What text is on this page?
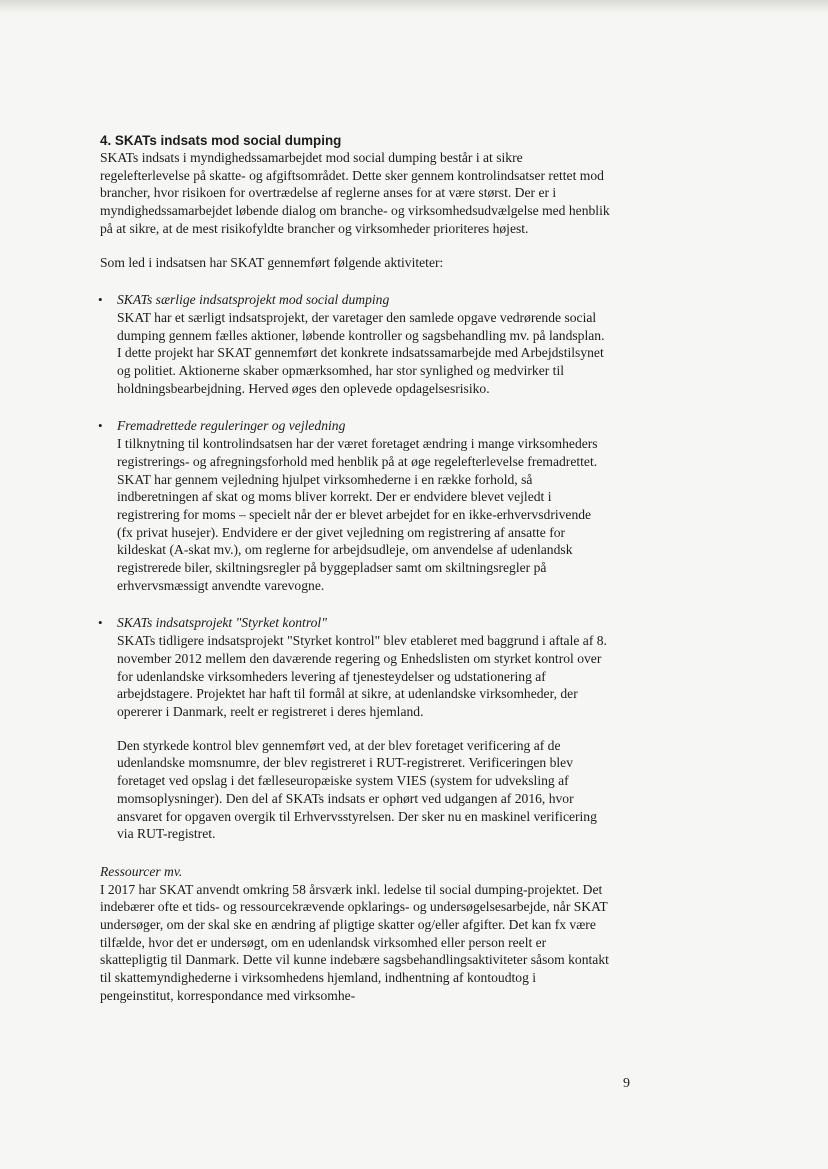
4. SKATs indsats mod social dumping

SKATs indsats i myndighedssamarbejdet mod social dumping består i at sikre regelefterlevelse på skatte- og afgiftsområdet. Dette sker gennem kontrolindsatser rettet mod brancher, hvor risikoen for overtrædelse af reglerne anses for at være størst. Der er i myndighedssamarbejdet løbende dialog om branche- og virksomhedsudvælgelse med henblik på at sikre, at de mest risikofyldte brancher og virksomheder prioriteres højest.

Som led i indsatsen har SKAT gennemført følgende aktiviteter:

• SKATs særlige indsatsprojekt mod social dumping
SKAT har et særligt indsatsprojekt, der varetager den samlede opgave vedrørende social dumping gennem fælles aktioner, løbende kontroller og sagsbehandling mv. på landsplan. I dette projekt har SKAT gennemført det konkrete indsatssamarbejde med Arbejdstilsynet og politiet. Aktionerne skaber opmærksomhed, har stor synlighed og medvirker til holdningsbearbejdning. Herved øges den oplevede opdagelsesrisiko.
• Fremadrettede reguleringer og vejledning
I tilknytning til kontrolindsatsen har der været foretaget ændring i mange virksomheders registrerings- og afregningsforhold med henblik på at øge regelefterlevelse fremadrettet. SKAT har gennem vejledning hjulpet virksomhederne i en række forhold, så indberetningen af skat og moms bliver korrekt. Der er endvidere blevet vejledt i registrering for moms – specielt når der er blevet arbejdet for en ikke-erhvervsdrivende (fx privat husejer). Endvidere er der givet vejledning om registrering af ansatte for kildeskat (A-skat mv.), om reglerne for arbejdsudleje, om anvendelse af udenlandsk registrerede biler, skiltningsregler på byggepladser samt om skiltningsregler på erhvervsmæssigt anvendte varevogne.
• SKATs indsatsprojekt "Styrket kontrol"
SKATs tidligere indsatsprojekt "Styrket kontrol" blev etableret med baggrund i aftale af 8. november 2012 mellem den daværende regering og Enhedslisten om styrket kontrol over for udenlandske virksomheders levering af tjenesteydelser og udstationering af arbejdstagere. Projektet har haft til formål at sikre, at udenlandske virksomheder, der opererer i Danmark, reelt er registreret i deres hjemland.

Den styrkede kontrol blev gennemført ved, at der blev foretaget verificering af de udenlandske momsnumre, der blev registreret i RUT-registreret. Verificeringen blev foretaget ved opslag i det fælleseuropæiske system VIES (system for udveksling af momsoplysninger). Den del af SKATs indsats er ophørt ved udgangen af 2016, hvor ansvaret for opgaven overgik til Erhvervsstyrelsen. Der sker nu en maskinel verificering via RUT-registret.

Ressourcer mv.

I 2017 har SKAT anvendt omkring 58 årsværk inkl. ledelse til social dumping-projektet. Det indebærer ofte et tids- og ressourcekrævende opklarings- og undersøgelsesarbejde, når SKAT undersøger, om der skal ske en ændring af pligtige skatter og/eller afgifter. Det kan fx være tilfælde, hvor det er undersøgt, om en udenlandsk virksomhed eller person reelt er skattepligtig til Danmark. Dette vil kunne indebære sagsbehandlingsaktiviteter såsom kontakt til skattemyndighederne i virksomhedens hjemland, indhentning af kontoudtog i pengeinstitut, korrespondance med virksomhe-

9
